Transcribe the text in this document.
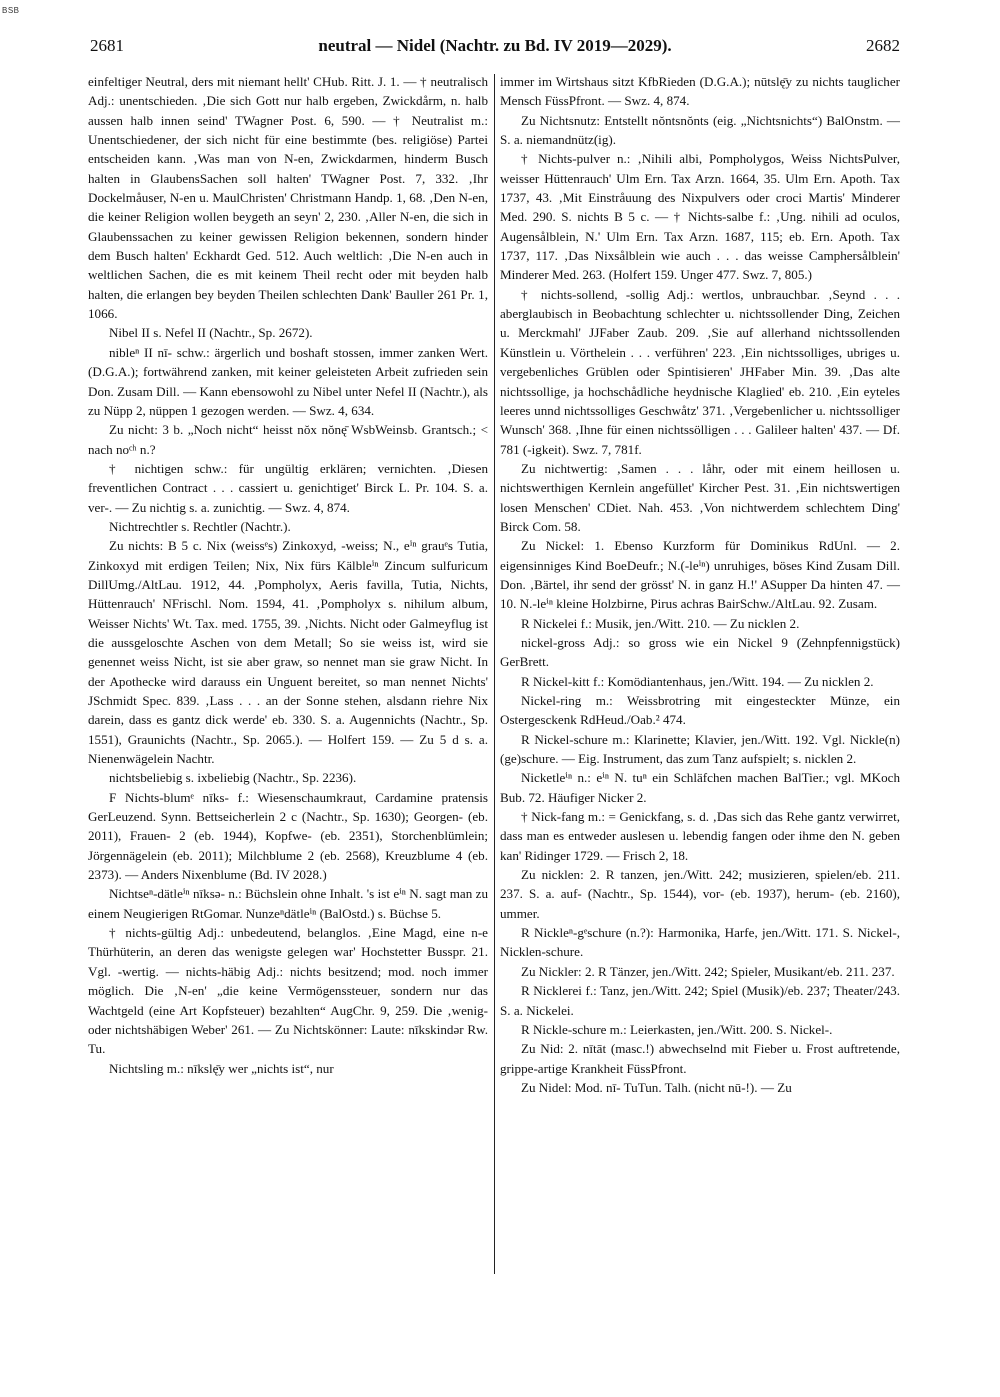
BSB
2681	neutral — Nidel (Nachtr. zu Bd. IV 2019—2029).	2682

einfeltiger Neutral, ders mit niemant hellt' CHub. Ritt. J. 1. — † neutralisch Adj.: unentschieden. ‚Die sich Gott nur halb ergeben, Zwickdårm, n. halb aussen halb innen seind' TWagner Post. 6, 590. — † Neutralist m.: Unentschiedener, der sich nicht für eine bestimmte (bes. religiöse) Partei entscheiden kann. ‚Was man von N-en, Zwickdarmen, hinderm Busch halten in GlaubensSachen soll halten' TWagner Post. 7, 332. ‚Ihr Dockelmåuser, N-en u. MaulChristen' Christmann Handp. 1, 68. ‚Den N-en, die keiner Religion wollen beygeth an seyn' 2, 230. ‚Aller N-en, die sich in Glaubenssachen zu keiner gewissen Religion bekennen, sondern hinder dem Busch halten' Eckhardt Ged. 512. Auch weltlich: ‚Die N-en auch in weltlichen Sachen, die es mit keinem Theil recht oder mit beyden halb halten, die erlangen bey beyden Theilen schlechten Dank' Bauller 261 Pr. 1, 1066.

Nibel II s. Nefel II (Nachtr., Sp. 2672).

nibleⁿ II nī- schw.: ärgerlich und boshaft stossen, immer zanken Wert. (D.G.A.); fortwährend zanken, mit keiner geleisteten Arbeit zufrieden sein Don. Zusam Dill. — Kann ebensowohl zu Nibel unter Nefel II (Nachtr.), als zu Nüpp 2, nüppen 1 gezogen werden. — Swz. 4, 634.

Zu nicht: 3 b. „Noch nicht“ heisst nŏx nŏnę̄ WsbWeinsb. Grantsch.; < nach noᶜʰ n.?

† nichtigen schw.: für ungültig erklären; vernichten. ‚Diesen freventlichen Contract . . . cassiert u. genichtiget' Birck L. Pr. 104. S. a. ver-. — Zu nichtig s. a. zunichtig. — Swz. 4, 874.

Nichtrechtler s. Rechtler (Nachtr.).

Zu nichts: B 5 c. Nix (weissᵉs) Zinkoxyd, -weiss; N., eⁱⁿ grauᵉs Tutia, Zinkoxyd mit erdigen Teilen; Nix, Nix fürs Kälbleⁱⁿ Zincum sulfuricum DillUmg./AltLau. 1912, 44. ‚Pompholyx, Aeris favilla, Tutia, Nichts, Hüttenrauch' NFrischl. Nom. 1594, 41. ‚Pompholyx s. nihilum album, Weisser Nichts' Wt. Tax. med. 1755, 39. ‚Nichts. Nicht oder Galmeyflug ist die aussgeloschte Aschen von dem Metall; So sie weiss ist, wird sie genennet weiss Nicht, ist sie aber graw, so nennet man sie graw Nicht. In der Apothecke wird darauss ein Unguent bereitet, so man nennet Nichts' JSchmidt Spec. 839. ‚Lass . . . an der Sonne stehen, alsdann riehre Nix darein, dass es gantz dick werde' eb. 330. S. a. Augennichts (Nachtr., Sp. 1551), Graunichts (Nachtr., Sp. 2065.). — Holfert 159. — Zu 5 d s. a. Nienenwägelein Nachtr.

nichtsbeliebig s. ixbeliebig (Nachtr., Sp. 2236).

F Nichts-blumᵉ nīks- f.: Wiesenschaumkraut, Cardamine pratensis GerLeuzend. Synn. Bettseicherlein 2 c (Nachtr., Sp. 1630); Georgen- (eb. 2011), Frauen- 2 (eb. 1944), Kopfwe- (eb. 2351), Storchenblümlein; Jörgennägelein (eb. 2011); Milchblume 2 (eb. 2568), Kreuzblume 4 (eb. 2373). — Anders Nixenblume (Bd. IV 2028.)

Nichtseⁿ-dätleⁱⁿ nīksə- n.: Büchslein ohne Inhalt. 's ist eⁱⁿ N. sagt man zu einem Neugierigen RtGomar. Nunzeⁿdätleⁱⁿ (BalOstd.) s. Büchse 5.

† nichts-gültig Adj.: unbedeutend, belanglos. ‚Eine Magd, eine n-e Thürhüterin, an deren das wenigste gelegen war' Hochstetter Busspr. 21. Vgl. -wertig. — nichts-häbig Adj.: nichts besitzend; mod. noch immer möglich. Die ‚N-en' „die keine Vermögenssteuer, sondern nur das Wachtgeld (eine Art Kopfsteuer) bezahlten“ AugChr. 9, 259. Die ‚wenig- oder nichtshäbigen Weber' 261. — Zu Nichtskönner: Laute: nīkskindər Rw. Tu.

Nichtsling m.: nīkslę̄y wer „nichts ist“, nur

immer im Wirtshaus sitzt KfbRieden (D.G.A.); nūtslę̄y zu nichts tauglicher Mensch FüssPfront. — Swz. 4, 874.

Zu Nichtsnutz: Entstellt nŏntsnŏnts (eig. „Nichtsnichts“) BalOnstm. — S. a. niemandnütz(ig).

† Nichts-pulver n.: ‚Nihili albi, Pompholygos, Weiss NichtsPulver, weisser Hüttenrauch' Ulm Ern. Tax Arzn. 1664, 35. Ulm Ern. Apoth. Tax 1737, 43. ‚Mit Einstråuung des Nixpulvers oder croci Martis' Minderer Med. 290. S. nichts B 5 c. — † Nichts-salbe f.: ‚Ung. nihili ad oculos, Augensålblein, N.' Ulm Ern. Tax Arzn. 1687, 115; eb. Ern. Apoth. Tax 1737, 117. ‚Das Nixsålblein wie auch . . . das weisse Camphersålblein' Minderer Med. 263. (Holfert 159. Unger 477. Swz. 7, 805.)

† nichts-sollend, -sollig Adj.: wertlos, unbrauchbar. ‚Seynd . . . aberglaubisch in Beobachtung schlechter u. nichtssollender Ding, Zeichen u. Merckmahl' JJFaber Zaub. 209. ‚Sie auf allerhand nichtssollenden Künstlein u. Vörthelein . . . verführen' 223. ‚Ein nichtssolliges, ubriges u. vergebenliches Grüblen oder Spintisieren' JHFaber Min. 39. ‚Das alte nichtssollige, ja hochschådliche heydnische Klaglied' eb. 210. ‚Ein eyteles leeres unnd nichtssolliges Geschwåtz' 371. ‚Vergebenlicher u. nichtssolliger Wunsch' 368. ‚Ihne für einen nichtssölligen . . . Galileer halten' 437. — Df. 781 (-igkeit). Swz. 7, 781f.

Zu nichtwertig: ‚Samen . . . låhr, oder mit einem heillosen u. nichtswerthigen Kernlein angefüllet' Kircher Pest. 31. ‚Ein nichtswertigen losen Menschen' CDiet. Nah. 453. ‚Von nichtwerdem schlechtem Ding' Birck Com. 58.

Zu Nickel: 1. Ebenso Kurzform für Dominikus RdUnl. — 2. eigensinniges Kind BoeDeufr.; N.(-leⁱⁿ) unruhiges, böses Kind Zusam Dill. Don. ‚Bärtel, ihr send der grösst' N. in ganz H.!' ASupper Da hinten 47. — 10. N.-leⁱⁿ kleine Holzbirne, Pirus achras BairSchw./AltLau. 92. Zusam.

R Nickelei f.: Musik, jen./Witt. 210. — Zu nicklen 2.

nickel-gross Adj.: so gross wie ein Nickel 9 (Zehnpfennigstück) GerBrett.

R Nickel-kitt f.: Komödiantenhaus, jen./Witt. 194. — Zu nicklen 2.

Nickel-ring m.: Weissbrotring mit eingesteckter Münze, ein Ostergesckenk RdHeud./Oab.² 474.

R Nickel-schure m.: Klarinette; Klavier, jen./Witt. 192. Vgl. Nickle(n)(ge)schure. — Eig. Instrument, das zum Tanz aufspielt; s. nicklen 2.

Nicketleⁱⁿ n.: eⁱⁿ N. tuⁿ ein Schläfchen machen BalTier.; vgl. MKoch Bub. 72. Häufiger Nicker 2.

† Nick-fang m.: = Genickfang, s. d. ‚Das sich das Rehe gantz verwirret, dass man es entweder auslesen u. lebendig fangen oder ihme den N. geben kan' Ridinger 1729. — Frisch 2, 18.

Zu nicklen: 2. R tanzen, jen./Witt. 242; musizieren, spielen/eb. 211. 237. S. a. auf- (Nachtr., Sp. 1544), vor- (eb. 1937), herum- (eb. 2160), ummer.

R Nickleⁿ-gᵉschure (n.?): Harmonika, Harfe, jen./Witt. 171. S. Nickel-, Nicklen-schure.

Zu Nickler: 2. R Tänzer, jen./Witt. 242; Spieler, Musikant/eb. 211. 237.

R Nicklerei f.: Tanz, jen./Witt. 242; Spiel (Musik)/eb. 237; Theater/243. S. a. Nickelei.

R Nickle-schure m.: Leierkasten, jen./Witt. 200. S. Nickel-.

Zu Nid: 2. nītāt (masc.!) abwechselnd mit Fieber u. Frost auftretende, grippe-artige Krankheit FüssPfront.

Zu Nidel: Mod. nī- TuTun. Talh. (nicht nū-!). — Zu
